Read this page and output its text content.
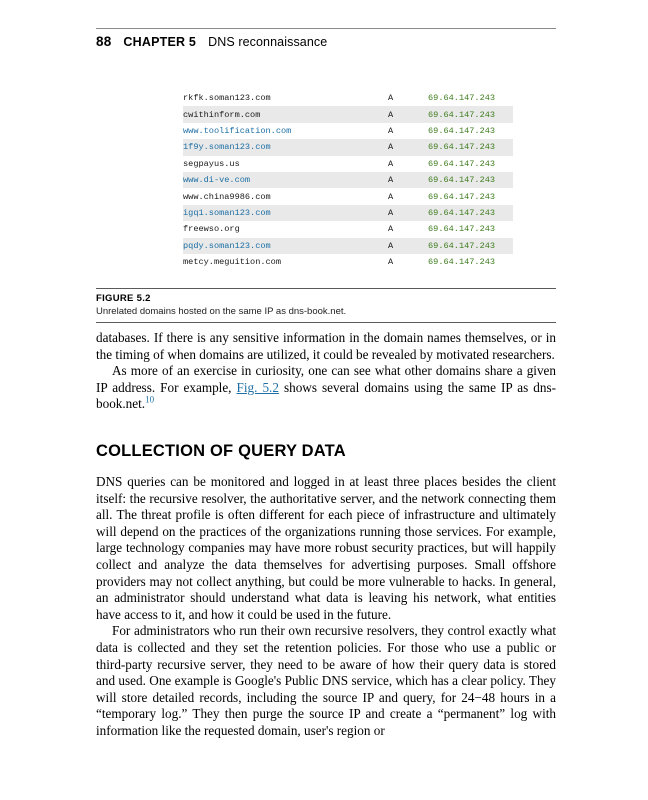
88 CHAPTER 5 DNS reconnaissance
rkfk.soman123.com	A	69.64.147.243
cwithinform.com	A	69.64.147.243
www.toolification.com	A	69.64.147.243
1f9y.soman123.com	A	69.64.147.243
segpayus.us	A	69.64.147.243
www.di-ve.com	A	69.64.147.243
www.china9986.com	A	69.64.147.243
igq1.soman123.com	A	69.64.147.243
freewso.org	A	69.64.147.243
pqdy.soman123.com	A	69.64.147.243
metcy.meguition.com	A	69.64.147.243
FIGURE 5.2
Unrelated domains hosted on the same IP as dns-book.net.

databases. If there is any sensitive information in the domain names themselves, or in the timing of when domains are utilized, it could be revealed by motivated researchers.

As more of an exercise in curiosity, one can see what other domains share a given IP address. For example, Fig. 5.2 shows several domains using the same IP as dns-book.net.$^{10}$

COLLECTION OF QUERY DATA

DNS queries can be monitored and logged in at least three places besides the client itself: the recursive resolver, the authoritative server, and the network connecting them all. The threat profile is often different for each piece of infrastructure and ultimately will depend on the practices of the organizations running those services. For example, large technology companies may have more robust security practices, but will happily collect and analyze the data themselves for advertising purposes. Small offshore providers may not collect anything, but could be more vulnerable to hacks. In general, an administrator should understand what data is leaving his network, what entities have access to it, and how it could be used in the future.

For administrators who run their own recursive resolvers, they control exactly what data is collected and they set the retention policies. For those who use a public or third-party recursive server, they need to be aware of how their query data is stored and used. One example is Google's Public DNS service, which has a clear policy. They will store detailed records, including the source IP and query, for 24−48 hours in a “temporary log.” They then purge the source IP and create a “permanent” log with information like the requested domain, user's region or
